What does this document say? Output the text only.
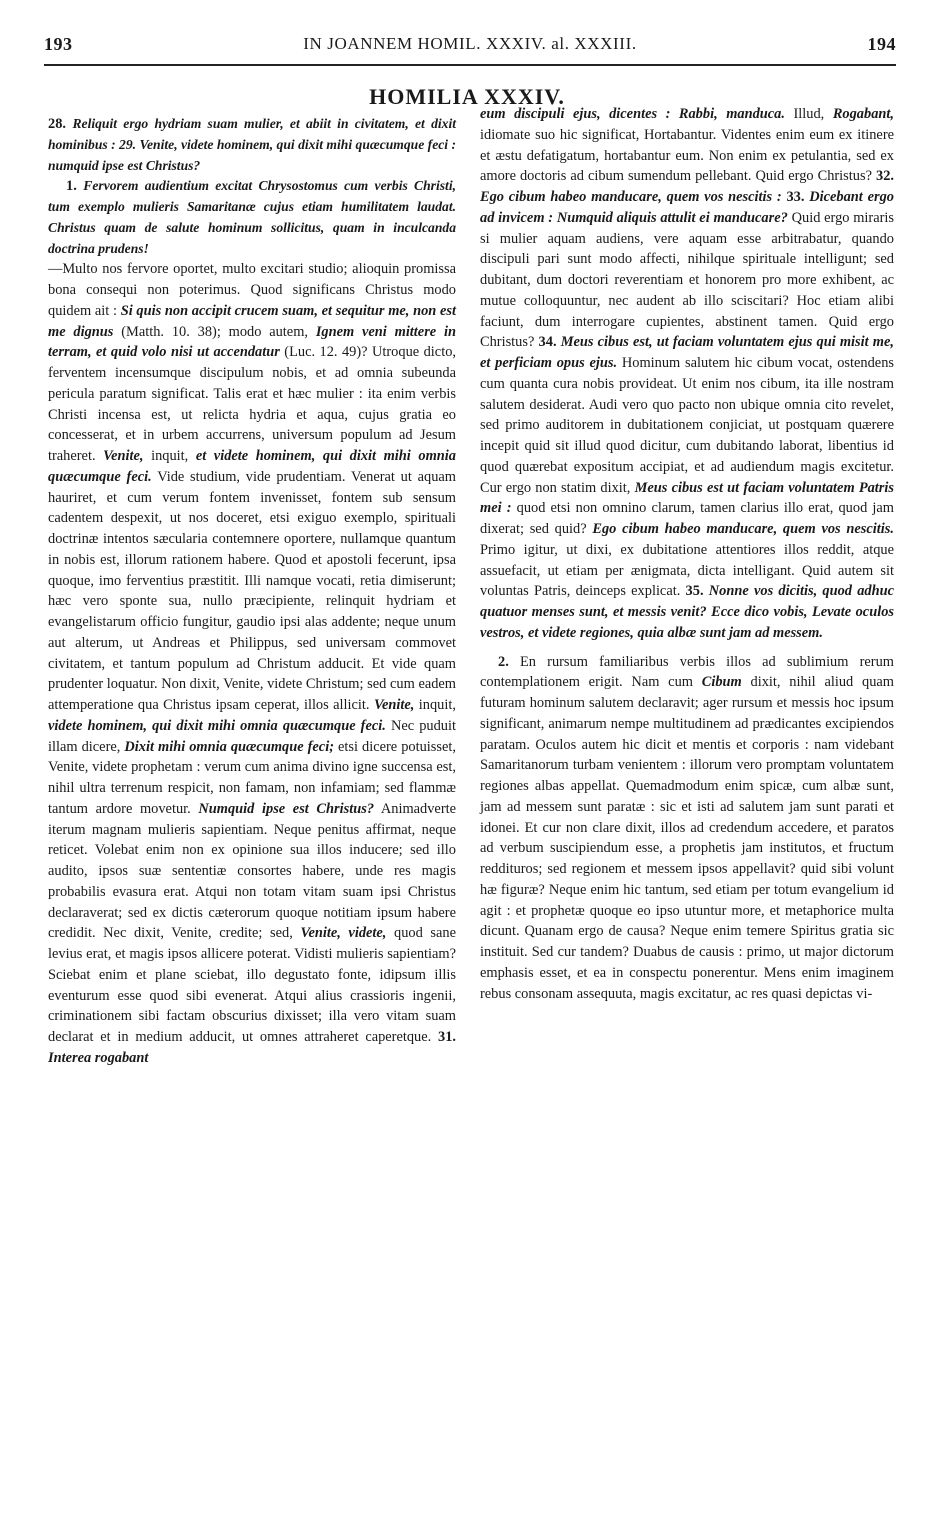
193	IN JOANNEM HOMIL. XXXIV. al. XXXIII.	194
HOMILIA XXXIV.

28. Reliquit ergo hydriam suam mulier, et abiit in civitatem, et dixit hominibus : 29. Venite, videte hominem, qui dixit mihi quæcumque feci : numquid ipse est Christus?

1. Fervorem audientium excitat Chrysostomus cum verbis Christi, tum exemplo mulieris Samaritanæ cujus etiam humilitatem laudat. Christus quam de salute hominum sollicitus, quam in inculcanda doctrina prudens!

—Multo nos fervore oportet, multo excitari studio; alioquin promissa bona consequi non poterimus. Quod significans Christus modo quidem ait : Si quis non accipit crucem suam, et sequitur me, non est me dignus (Matth. 10. 38); modo autem, Ignem veni mittere in terram, et quid volo nisi ut accendatur (Luc. 12. 49)? Utroque dicto, ferventem incensumque discipulum nobis, et ad omnia subeunda pericula paratum significat. Talis erat et hæc mulier : ita enim verbis Christi incensa est, ut relicta hydria et aqua, cujus gratia eo concesserat, et in urbem accurrens, universum populum ad Jesum traheret. Venite, inquit, et videte hominem, qui dixit mihi omnia quæcumque feci. Vide studium, vide prudentiam. Venerat ut aquam hauriret, et cum verum fontem invenisset, fontem sub sensum cadentem despexit, ut nos doceret, etsi exiguo exemplo, spirituali doctrinæ intentos sæcularia contemnere oportere, nullamque quantum in nobis est, illorum rationem habere. Quod et apostoli fecerunt, ipsa quoque, imo ferventius præstitit. Illi namque vocati, retia dimiserunt; hæc vero sponte sua, nullo præcipiente, relinquit hydriam et evangelistarum officio fungitur, gaudio ipsi alas addente; neque unum aut alterum, ut Andreas et Philippus, sed universam commovet civitatem, et tantum populum ad Christum adducit. Et vide quam prudenter loquatur. Non dixit, Venite, videte Christum; sed cum eadem attemperatione qua Christus ipsam ceperat, illos allicit. Venite, inquit, videte hominem, qui dixit mihi omnia quæcumque feci. Nec puduit illam dicere, Dixit mihi omnia quæcumque feci; etsi dicere potuisset, Venite, videte prophetam : verum cum anima divino igne succensa est, nihil ultra terrenum respicit, non famam, non infamiam; sed flammæ tantum ardore movetur. Numquid ipse est Christus? Animadverte iterum magnam mulieris sapientiam. Neque penitus affirmat, neque reticet. Volebat enim non ex opinione sua illos inducere; sed illo audito, ipsos suæ sententiæ consortes habere, unde res magis probabilis evasura erat. Atqui non totam vitam suam ipsi Christus declaraverat; sed ex dictis cæterorum quoque notitiam ipsum habere credidit. Nec dixit, Venite, credite; sed, Venite, videte, quod sane levius erat, et magis ipsos allicere poterat. Vidisti mulieris sapientiam? Sciebat enim et plane sciebat, illo degustato fonte, idipsum illis eventurum esse quod sibi evenerat. Atqui alius crassioris ingenii, criminationem sibi factam obscurius dixisset; illa vero vitam suam declarat et in medium adducit, ut omnes attraheret caperetque. 31. Interea rogabant

eum discipuli ejus, dicentes : Rabbi, manduca. Illud, Rogabant, idiomate suo hic significat, Hortabantur. Videntes enim eum ex itinere et æstu defatigatum, hortabantur eum. Non enim ex petulantia, sed ex amore doctoris ad cibum sumendum pellebant. Quid ergo Christus? 32. Ego cibum habeo manducare, quem vos nescitis : 33. Dicebant ergo ad invicem : Numquid aliquis attulit ei manducare? Quid ergo miraris si mulier aquam audiens, vere aquam esse arbitrabatur, quando discipuli pari sunt modo affecti, nihilque spirituale intelligunt; sed dubitant, dum doctori reverentiam et honorem pro more exhibent, ac mutue colloquuntur, nec audent ab illo sciscitari? Hoc etiam alibi faciunt, dum interrogare cupientes, abstinent tamen. Quid ergo Christus? 34. Meus cibus est, ut faciam voluntatem ejus qui misit me, et perficiam opus ejus. Hominum salutem hic cibum vocat, ostendens cum quanta cura nobis provideat. Ut enim nos cibum, ita ille nostram salutem desiderat. Audi vero quo pacto non ubique omnia cito revelet, sed primo auditorem in dubitationem conjiciat, ut postquam quærere incepit quid sit illud quod dicitur, cum dubitando laborat, libentius id quod quærebat expositum accipiat, et ad audiendum magis excitetur. Cur ergo non statim dixit, Meus cibus est ut faciam voluntatem Patris mei : quod etsi non omnino clarum, tamen clarius illo erat, quod jam dixerat; sed quid? Ego cibum habeo manducare, quem vos nescitis. Primo igitur, ut dixi, ex dubitatione attentiores illos reddit, atque assuefacit, ut etiam per ænigmata, dicta intelligant. Quid autem sit voluntas Patris, deinceps explicat. 35. Nonne vos dicitis, quod adhuc quatuor menses sunt, et messis venit? Ecce dico vobis, Levate oculos vestros, et videte regiones, quia albæ sunt jam ad messem.

2. En rursum familiaribus verbis illos ad sublimium rerum contemplationem erigit. Nam cum Cibum dixit, nihil aliud quam futuram hominum salutem declaravit; ager rursum et messis hoc ipsum significant, animarum nempe multitudinem ad prædicantes excipiendos paratam. Oculos autem hic dicit et mentis et corporis : nam videbant Samaritanorum turbam venientem : illorum vero promptam voluntatem regiones albas appellat. Quemadmodum enim spicæ, cum albæ sunt, jam ad messem sunt paratæ : sic et isti ad salutem jam sunt parati et idonei. Et cur non clare dixit, illos ad credendum accedere, et paratos ad verbum suscipiendum esse, a prophetis jam institutos, et fructum reddituros; sed regionem et messem ipsos appellavit? quid sibi volunt hæ figuræ? Neque enim hic tantum, sed etiam per totum evangelium id agit : et prophetæ quoque eo ipso utuntur more, et metaphorice multa dicunt. Quanam ergo de causa? Neque enim temere Spiritus gratia sic instituit. Sed cur tandem? Duabus de causis : primo, ut major dictorum emphasis esset, et ea in conspectu ponerentur. Mens enim imaginem rebus consonam assequuta, magis excitatur, ac res quasi depictas vi-
